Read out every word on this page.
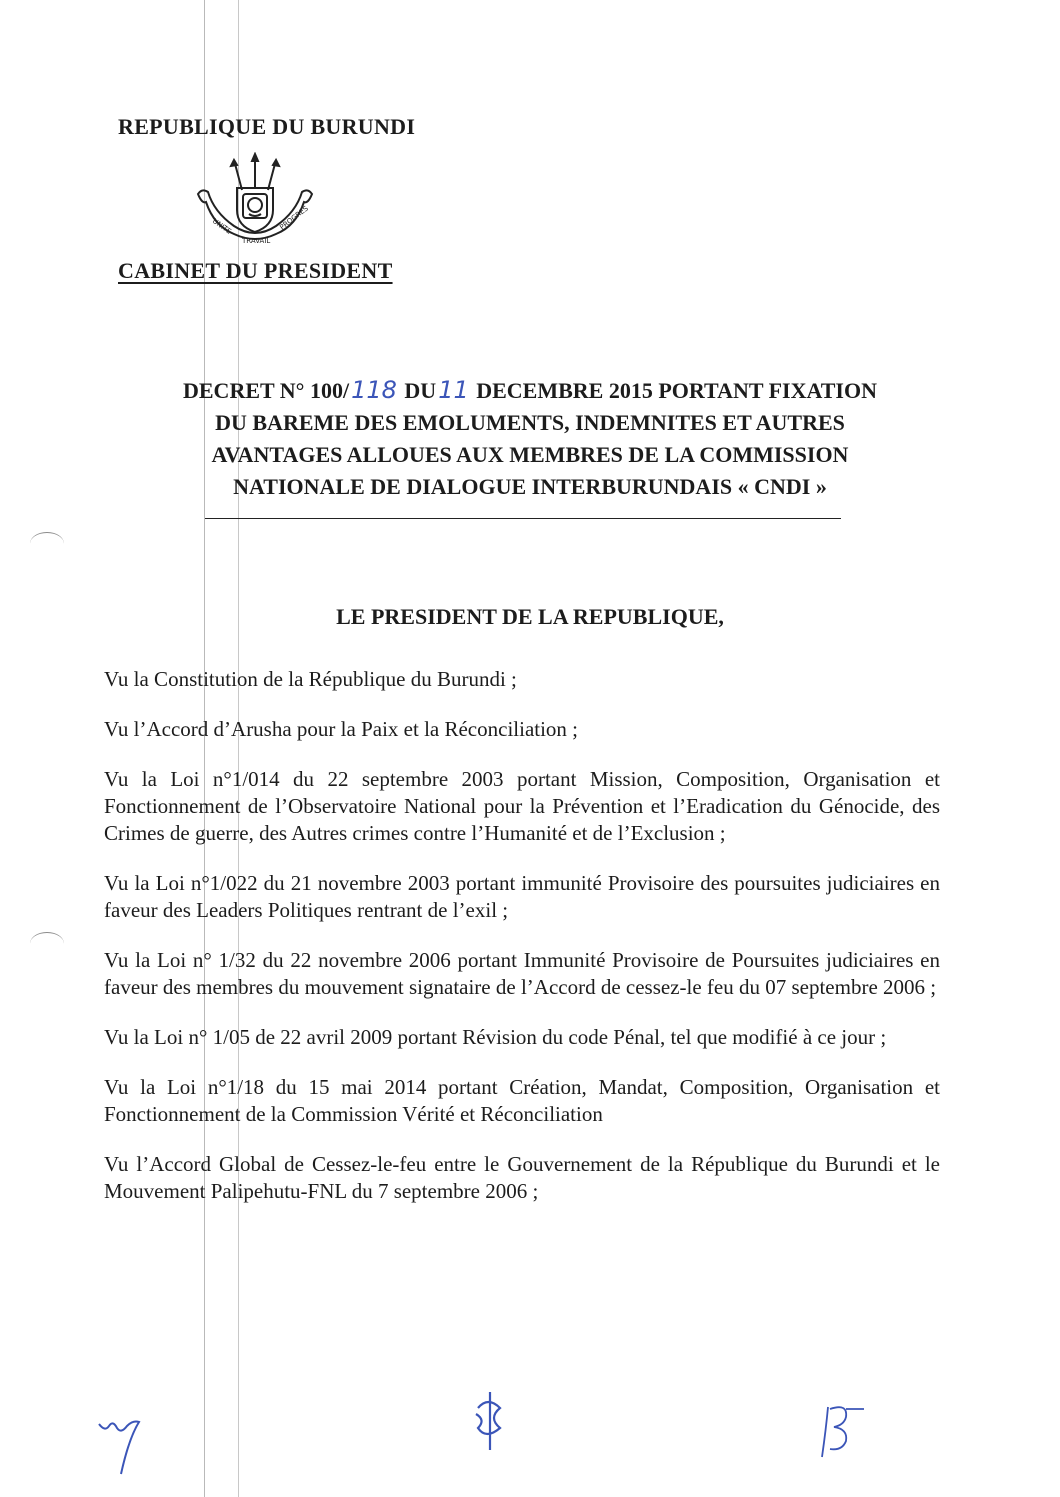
REPUBLIQUE DU BURUNDI
UNITE
TRAVAIL
PROGRES
CABINET DU PRESIDENT
DECRET N° 100/118 DU11 DECEMBRE 2015 PORTANT FIXATION
DU BAREME DES EMOLUMENTS, INDEMNITES ET AUTRES
AVANTAGES ALLOUES AUX MEMBRES DE LA COMMISSION
NATIONALE DE DIALOGUE INTERBURUNDAIS « CNDI »
LE PRESIDENT DE LA REPUBLIQUE,

Vu la Constitution de la République du Burundi ;

Vu l’Accord d’Arusha pour la Paix et la Réconciliation ;

Vu la Loi n°1/014 du 22 septembre 2003 portant Mission, Composition, Organisation et Fonctionnement de l’Observatoire National pour la Prévention et l’Eradication du Génocide, des Crimes de guerre, des Autres crimes contre l’Humanité et de l’Exclusion ;

Vu la Loi n°1/022 du 21 novembre 2003 portant immunité Provisoire des poursuites judiciaires en faveur des Leaders Politiques rentrant de l’exil ;

Vu la Loi n° 1/32 du 22 novembre 2006 portant Immunité Provisoire de Poursuites judiciaires en faveur des membres du mouvement signataire de l’Accord de cessez-le feu du 07 septembre 2006 ;

Vu la Loi n° 1/05 de 22 avril 2009 portant Révision du code Pénal, tel que modifié à ce jour ;

Vu la Loi n°1/18 du 15 mai 2014 portant Création, Mandat, Composition, Organisation et Fonctionnement de la Commission Vérité et Réconciliation

Vu l’Accord Global de Cessez-le-feu entre le Gouvernement de la République du Burundi et le Mouvement Palipehutu-FNL du 7 septembre 2006 ;
